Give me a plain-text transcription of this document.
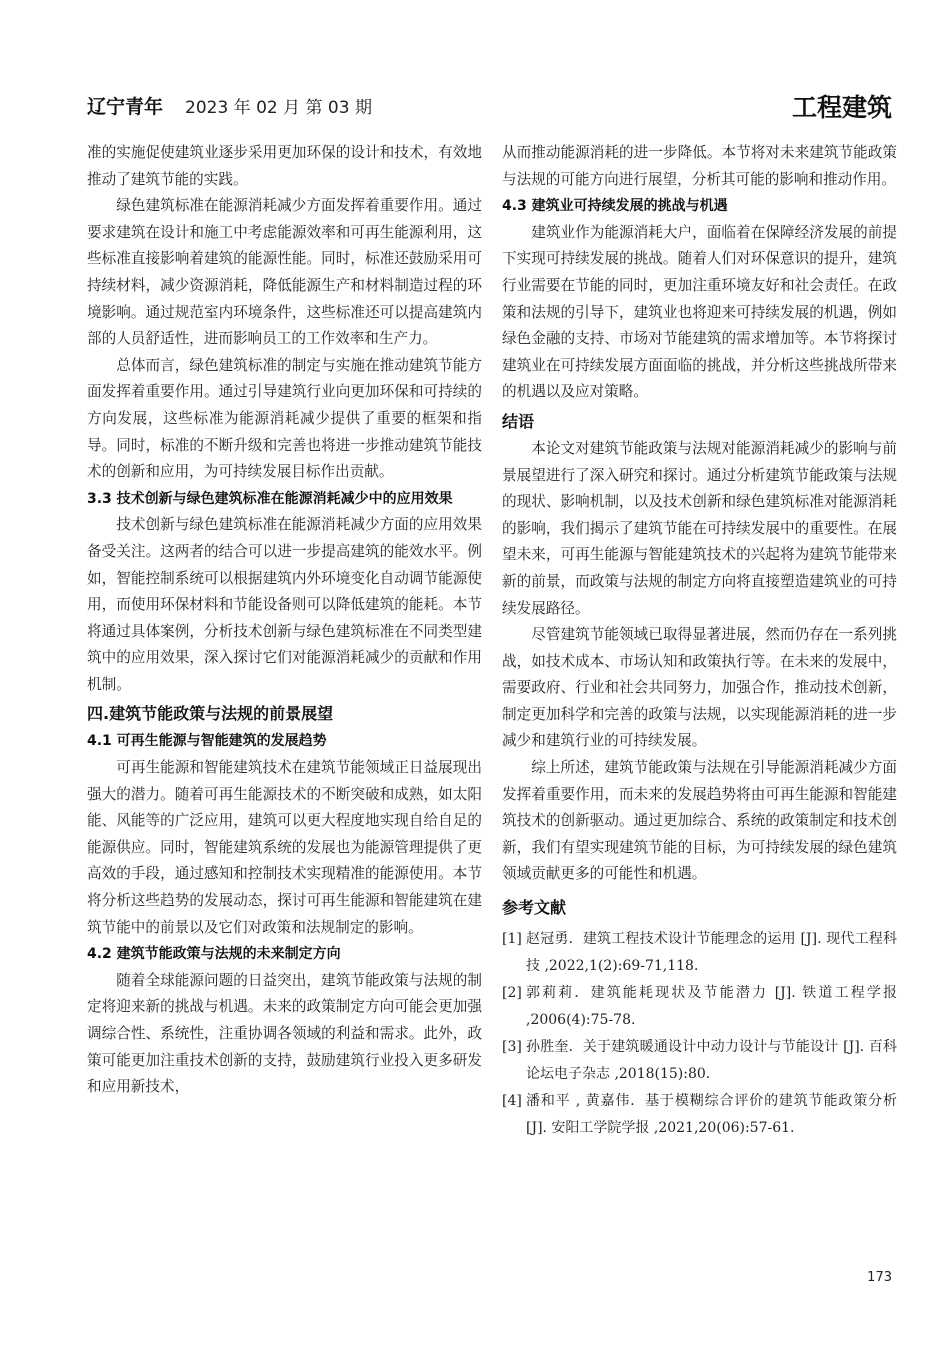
辽宁青年 2023 年 02 月 第 03 期	工程建筑

准的实施促使建筑业逐步采用更加环保的设计和技术，有效地推动了建筑节能的实践。

绿色建筑标准在能源消耗减少方面发挥着重要作用。通过要求建筑在设计和施工中考虑能源效率和可再生能源利用，这些标准直接影响着建筑的能源性能。同时，标准还鼓励采用可持续材料，减少资源消耗，降低能源生产和材料制造过程的环境影响。通过规范室内环境条件，这些标准还可以提高建筑内部的人员舒适性，进而影响员工的工作效率和生产力。

总体而言，绿色建筑标准的制定与实施在推动建筑节能方面发挥着重要作用。通过引导建筑行业向更加环保和可持续的方向发展，这些标准为能源消耗减少提供了重要的框架和指导。同时，标准的不断升级和完善也将进一步推动建筑节能技术的创新和应用，为可持续发展目标作出贡献。

3.3 技术创新与绿色建筑标准在能源消耗减少中的应用效果

技术创新与绿色建筑标准在能源消耗减少方面的应用效果备受关注。这两者的结合可以进一步提高建筑的能效水平。例如，智能控制系统可以根据建筑内外环境变化自动调节能源使用，而使用环保材料和节能设备则可以降低建筑的能耗。本节将通过具体案例，分析技术创新与绿色建筑标准在不同类型建筑中的应用效果，深入探讨它们对能源消耗减少的贡献和作用机制。

四.建筑节能政策与法规的前景展望
4.1 可再生能源与智能建筑的发展趋势

可再生能源和智能建筑技术在建筑节能领域正日益展现出强大的潜力。随着可再生能源技术的不断突破和成熟，如太阳能、风能等的广泛应用，建筑可以更大程度地实现自给自足的能源供应。同时，智能建筑系统的发展也为能源管理提供了更高效的手段，通过感知和控制技术实现精准的能源使用。本节将分析这些趋势的发展动态，探讨可再生能源和智能建筑在建筑节能中的前景以及它们对政策和法规制定的影响。

4.2 建筑节能政策与法规的未来制定方向

随着全球能源问题的日益突出，建筑节能政策与法规的制定将迎来新的挑战与机遇。未来的政策制定方向可能会更加强调综合性、系统性，注重协调各领域的利益和需求。此外，政策可能更加注重技术创新的支持，鼓励建筑行业投入更多研发和应用新技术，

从而推动能源消耗的进一步降低。本节将对未来建筑节能政策与法规的可能方向进行展望，分析其可能的影响和推动作用。

4.3 建筑业可持续发展的挑战与机遇

建筑业作为能源消耗大户，面临着在保障经济发展的前提下实现可持续发展的挑战。随着人们对环保意识的提升，建筑行业需要在节能的同时，更加注重环境友好和社会责任。在政策和法规的引导下，建筑业也将迎来可持续发展的机遇，例如绿色金融的支持、市场对节能建筑的需求增加等。本节将探讨建筑业在可持续发展方面面临的挑战，并分析这些挑战所带来的机遇以及应对策略。

结语

本论文对建筑节能政策与法规对能源消耗减少的影响与前景展望进行了深入研究和探讨。通过分析建筑节能政策与法规的现状、影响机制，以及技术创新和绿色建筑标准对能源消耗的影响，我们揭示了建筑节能在可持续发展中的重要性。在展望未来，可再生能源与智能建筑技术的兴起将为建筑节能带来新的前景，而政策与法规的制定方向将直接塑造建筑业的可持续发展路径。

尽管建筑节能领域已取得显著进展，然而仍存在一系列挑战，如技术成本、市场认知和政策执行等。在未来的发展中，需要政府、行业和社会共同努力，加强合作，推动技术创新，制定更加科学和完善的政策与法规，以实现能源消耗的进一步减少和建筑行业的可持续发展。

综上所述，建筑节能政策与法规在引导能源消耗减少方面发挥着重要作用，而未来的发展趋势将由可再生能源和智能建筑技术的创新驱动。通过更加综合、系统的政策制定和技术创新，我们有望实现建筑节能的目标，为可持续发展的绿色建筑领域贡献更多的可能性和机遇。

参考文献
[1] 赵冠勇．建筑工程技术设计节能理念的运用 [J]. 现代工程科技 ,2022,1(2):69-71,118.
[2] 郭莉莉．建筑能耗现状及节能潜力 [J]. 铁道工程学报 ,2006(4):75-78.
[3] 孙胜奎．关于建筑暖通设计中动力设计与节能设计 [J]. 百科论坛电子杂志 ,2018(15):80.
[4] 潘和平 , 黄嘉伟．基于模糊综合评价的建筑节能政策分析 [J]. 安阳工学院学报 ,2021,20(06):57-61.
173
